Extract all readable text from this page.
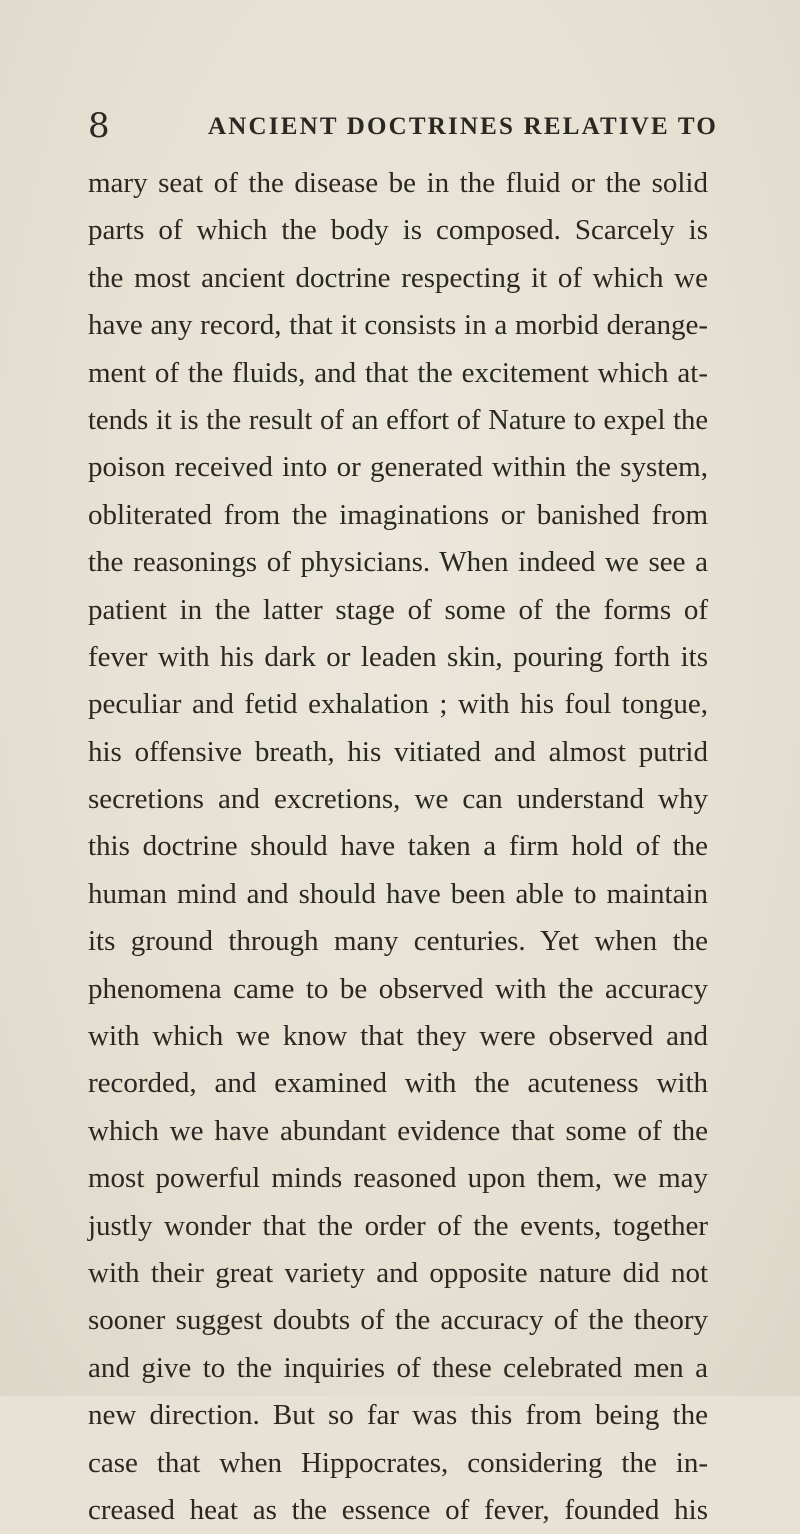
8	ANCIENT DOCTRINES RELATIVE TO
mary seat of the disease be in the fluid or the solid
parts of which the body is composed. Scarcely is
the most ancient doctrine respecting it of which we
have any record, that it consists in a morbid derange-
ment of the fluids, and that the excitement which at-
tends it is the result of an effort of Nature to expel the
poison received into or generated within the system,
obliterated from the imaginations or banished from
the reasonings of physicians. When indeed we see a
patient in the latter stage of some of the forms of
fever with his dark or leaden skin, pouring forth its
peculiar and fetid exhalation ; with his foul tongue,
his offensive breath, his vitiated and almost putrid
secretions and excretions, we can understand why
this doctrine should have taken a firm hold of the
human mind and should have been able to maintain
its ground through many centuries. Yet when the
phenomena came to be observed with the accuracy
with which we know that they were observed and
recorded, and examined with the acuteness with
which we have abundant evidence that some of the
most powerful minds reasoned upon them, we may
justly wonder that the order of the events, together
with their great variety and opposite nature did not
sooner suggest doubts of the accuracy of the theory
and give to the inquiries of these celebrated men a
new direction. But so far was this from being the
case that when Hippocrates, considering the in-
creased heat as the essence of fever, founded his
